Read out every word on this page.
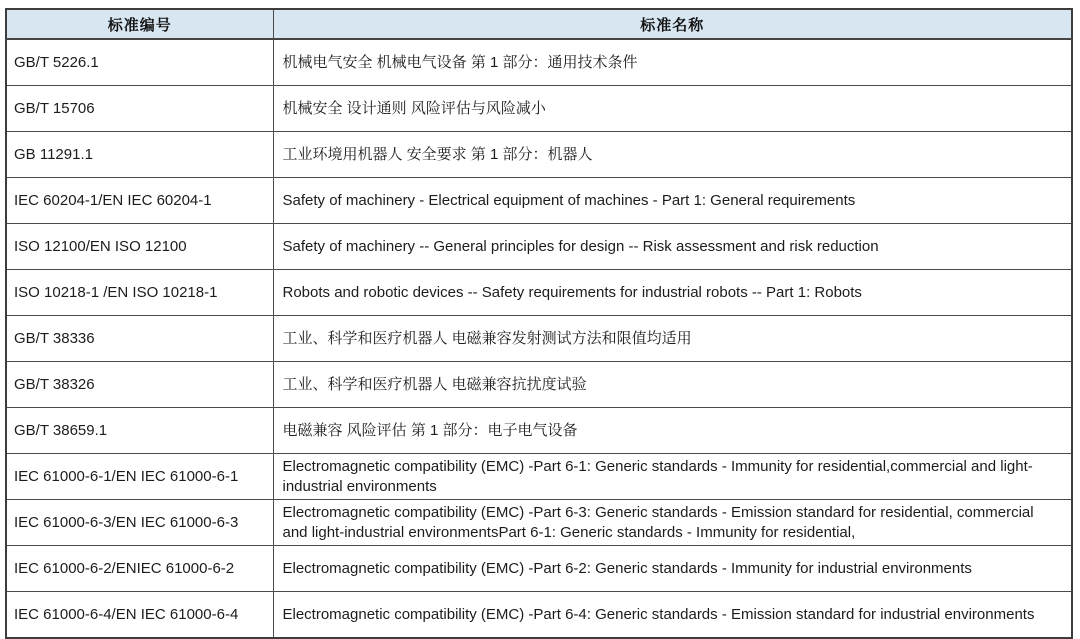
标准编号	标准名称
GB/T 5226.1	机械电气安全 机械电气设备 第 1 部分：通用技术条件
GB/T 15706	机械安全 设计通则 风险评估与风险减小
GB 11291.1	工业环境用机器人 安全要求 第 1 部分：机器人
IEC 60204-1/EN IEC 60204-1	Safety of machinery - Electrical equipment of machines - Part 1: General requirements
ISO 12100/EN ISO 12100	Safety of machinery -- General principles for design -- Risk assessment and risk reduction
ISO 10218-1 /EN ISO 10218-1	Robots and robotic devices -- Safety requirements for industrial robots -- Part 1: Robots
GB/T 38336	工业、科学和医疗机器人 电磁兼容发射测试方法和限值均适用
GB/T 38326	工业、科学和医疗机器人 电磁兼容抗扰度试验
GB/T 38659.1	电磁兼容 风险评估 第 1 部分：电子电气设备
IEC 61000-6-1/EN IEC 61000-6-1	Electromagnetic compatibility (EMC) -Part 6-1: Generic standards - Immunity for residential,commercial and light-industrial environments
IEC 61000-6-3/EN IEC 61000-6-3	Electromagnetic compatibility (EMC) -Part 6-3: Generic standards - Emission standard for residential, commercial and light-industrial environmentsPart 6-1: Generic standards - Immunity for residential,
IEC 61000-6-2/ENIEC 61000-6-2	Electromagnetic compatibility (EMC) -Part 6-2: Generic standards - Immunity for industrial environments
IEC 61000-6-4/EN IEC 61000-6-4	Electromagnetic compatibility (EMC) -Part 6-4: Generic standards - Emission standard for industrial environments
